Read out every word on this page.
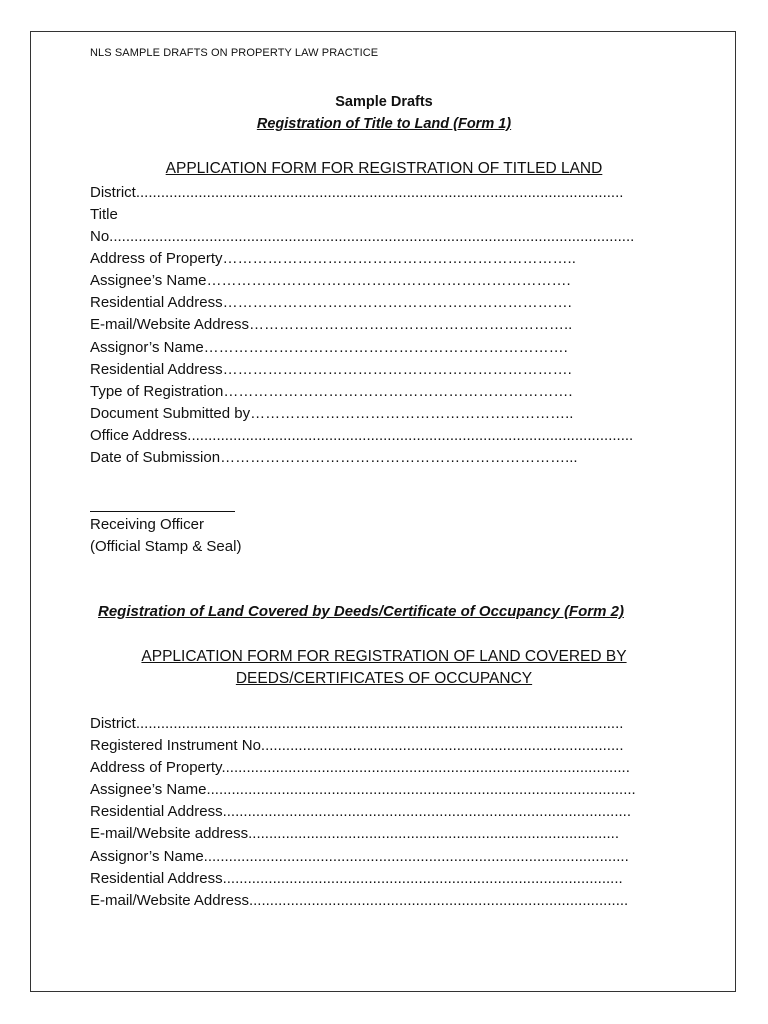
NLS SAMPLE DRAFTS ON PROPERTY LAW PRACTICE
Sample Drafts
Registration of Title to Land (Form 1)
APPLICATION FORM FOR REGISTRATION OF TITLED LAND
District.....................................................................................................................
Title
No..............................................................................................................................
Address of Property……………………………………………………………..
Assignee’s Name……………………………………………………………….
Residential Address…………………………………………………………….
E-mail/Website Address………………………………………………………..
Assignor’s Name……………………………………………………………….
Residential Address…………………………………………………………….
Type of Registration…………………………………………………………….
Document Submitted by………………………………………………………..
Office Address...........................................................................................................
Date of Submission……………………………………………………………...
Receiving Officer
(Official Stamp & Seal)
Registration of Land Covered by Deeds/Certificate of Occupancy (Form 2)
APPLICATION FORM FOR REGISTRATION OF LAND COVERED BY
DEEDS/CERTIFICATES OF OCCUPANCY
District.....................................................................................................................
Registered Instrument No.......................................................................................
Address of Property..................................................................................................
Assignee’s Name.......................................................................................................
Residential Address..................................................................................................
E-mail/Website address.........................................................................................
Assignor’s Name......................................................................................................
Residential Address................................................................................................
E-mail/Website Address...........................................................................................
